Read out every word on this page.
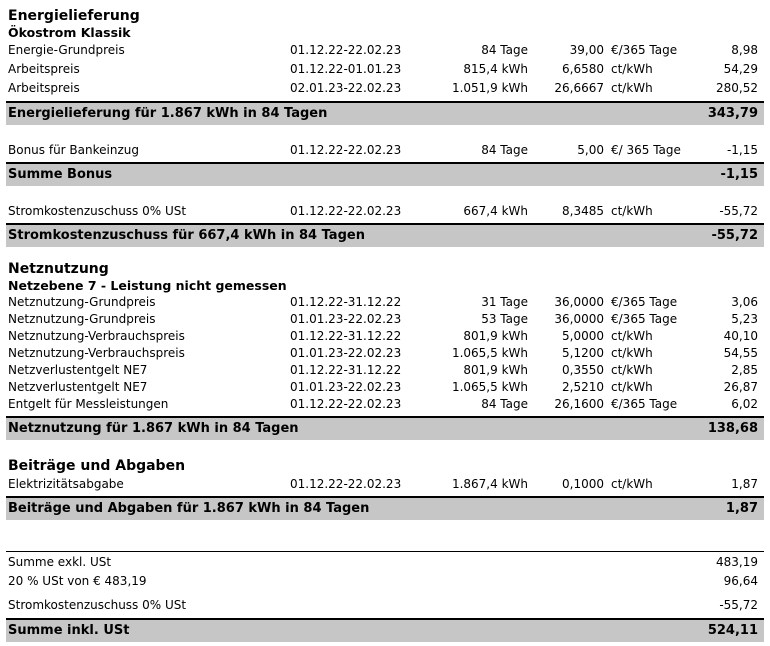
Energielieferung
Ökostrom Klassik
Energie-Grundpreis	01.12.22-22.02.23	84 Tage	39,00 €/365 Tage	8,98
Arbeitspreis	01.12.22-01.01.23	815,4 kWh	6,6580 ct/kWh	54,29
Arbeitspreis	02.01.23-22.02.23	1.051,9 kWh	26,6667 ct/kWh	280,52
Energielieferung für 1.867 kWh in 84 Tagen	343,79
Bonus für Bankeinzug	01.12.22-22.02.23	84 Tage	5,00 €/ 365 Tage	-1,15
Summe Bonus	-1,15
Stromkostenzuschuss 0% USt	01.12.22-22.02.23	667,4 kWh	8,3485 ct/kWh	-55,72
Stromkostenzuschuss für 667,4 kWh in 84 Tagen	-55,72
Netznutzung
Netzebene 7 - Leistung nicht gemessen
Netznutzung-Grundpreis	01.12.22-31.12.22	31 Tage	36,0000 €/365 Tage	3,06
Netznutzung-Grundpreis	01.01.23-22.02.23	53 Tage	36,0000 €/365 Tage	5,23
Netznutzung-Verbrauchspreis	01.12.22-31.12.22	801,9 kWh	5,0000 ct/kWh	40,10
Netznutzung-Verbrauchspreis	01.01.23-22.02.23	1.065,5 kWh	5,1200 ct/kWh	54,55
Netzverlustentgelt NE7	01.12.22-31.12.22	801,9 kWh	0,3550 ct/kWh	2,85
Netzverlustentgelt NE7	01.01.23-22.02.23	1.065,5 kWh	2,5210 ct/kWh	26,87
Entgelt für Messleistungen	01.12.22-22.02.23	84 Tage	26,1600 €/365 Tage	6,02
Netznutzung für 1.867 kWh in 84 Tagen	138,68
Beiträge und Abgaben
Elektrizitätsabgabe	01.12.22-22.02.23	1.867,4 kWh	0,1000 ct/kWh	1,87
Beiträge und Abgaben für 1.867 kWh in 84 Tagen	1,87
Summe exkl. USt	483,19
20 % USt von € 483,19	96,64
Stromkostenzuschuss 0% USt	-55,72
Summe inkl. USt	524,11
